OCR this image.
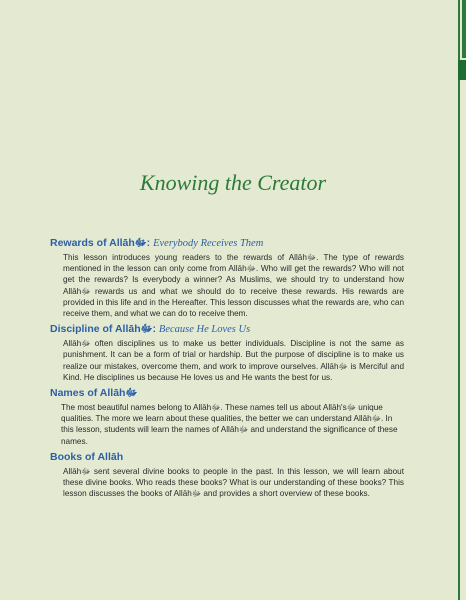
Knowing the Creator
Rewards of Allāhﷻ: Everybody Receives Them

This lesson introduces young readers to the rewards of Allāhﷻ. The type of rewards mentioned in the lesson can only come from Allāhﷻ. Who will get the rewards? Who will not get the rewards? Is everybody a winner? As Muslims, we should try to understand how Allāhﷻ rewards us and what we should do to receive these rewards. His rewards are provided in this life and in the Hereafter. This lesson discusses what the rewards are, who can receive them, and what we can do to receive them.

Discipline of Allāhﷻ: Because He Loves Us

Allāhﷻ often disciplines us to make us better individuals. Discipline is not the same as punishment. It can be a form of trial or hardship. But the purpose of discipline is to make us realize our mistakes, overcome them, and work to improve ourselves. Allāhﷻ is Merciful and Kind. He disciplines us because He loves us and He wants the best for us.

Names of Allāhﷻ

The most beautiful names belong to Allāhﷻ. These names tell us about Allāh'sﷻ unique qualities. The more we learn about these qualities, the better we can understand Allāhﷻ. In this lesson, students will learn the names of Allāhﷻ and understand the significance of these names.

Books of Allāh

Allāhﷻ sent several divine books to people in the past. In this lesson, we will learn about these divine books. Who reads these books? What is our understanding of these books? This lesson discusses the books of Allāhﷻ and provides a short overview of these books.
